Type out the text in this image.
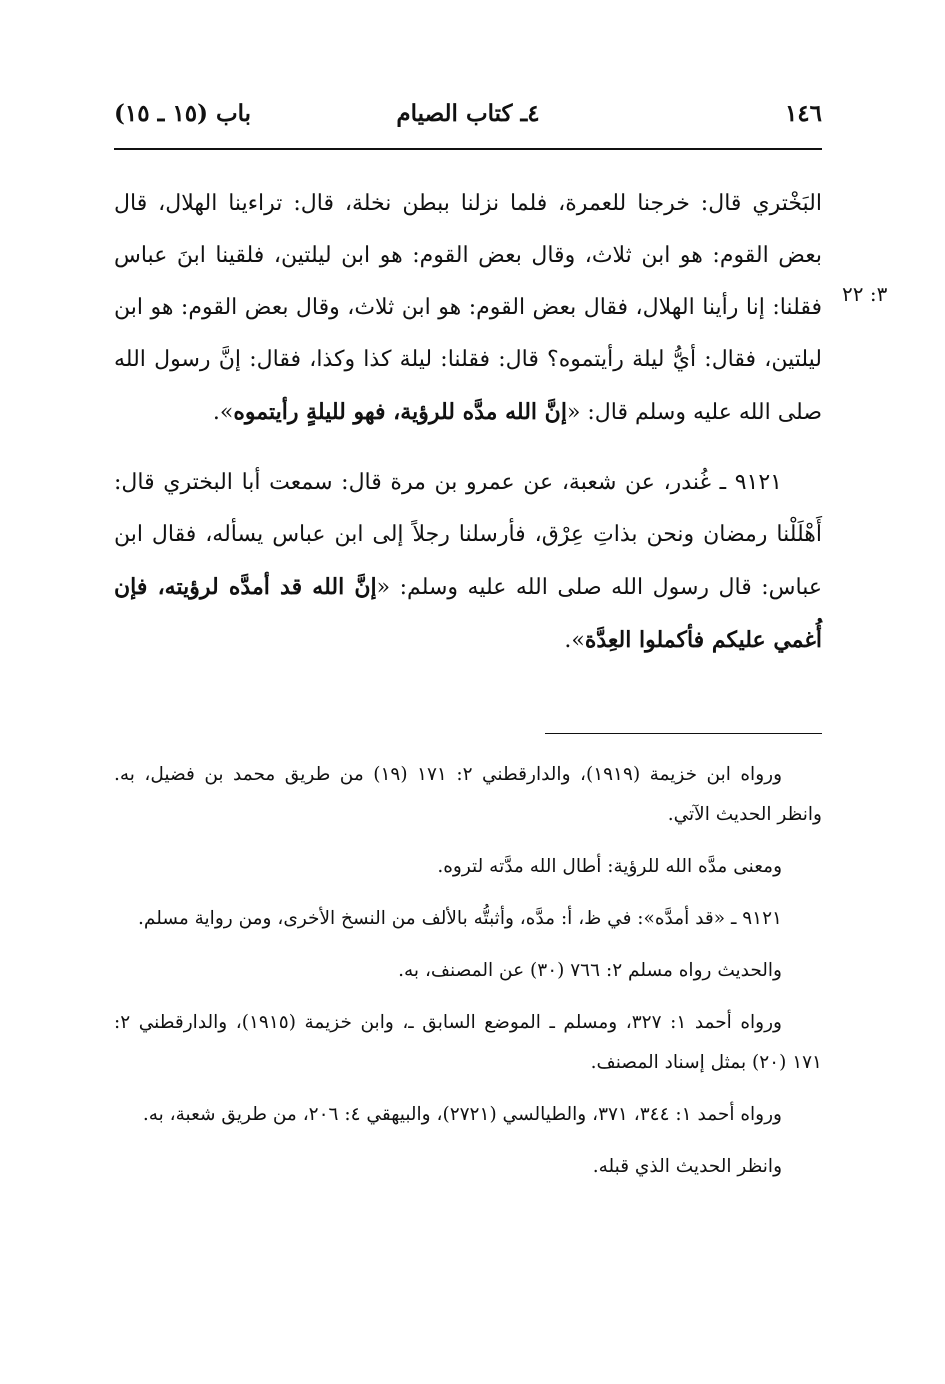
١٤٦
٤ـ كتاب الصيام
باب (١٥ ـ ١٥)
٣: ٢٢

البَخْتري قال: خرجنا للعمرة، فلما نزلنا ببطن نخلة، قال: تراءينا الهلال، قال بعض القوم: هو ابن ثلاث، وقال بعض القوم: هو ابن ليلتين، فلقينا ابنَ عباس فقلنا: إنا رأينا الهلال، فقال بعض القوم: هو ابن ثلاث، وقال بعض القوم: هو ابن ليلتين، فقال: أيُّ ليلة رأيتموه؟ قال: فقلنا: ليلة كذا وكذا، فقال: إنَّ رسول الله صلى الله عليه وسلم قال: «إنَّ الله مدَّه للرؤية، فهو لليلةٍ رأيتموه».

٩١٢١ ـ غُندر، عن شعبة، عن عمرو بن مرة قال: سمعت أبا البختري قال: أَهْلَلْنا رمضان ونحن بذاتِ عِرْق، فأرسلنا رجلاً إلى ابن عباس يسأله، فقال ابن عباس: قال رسول الله صلى الله عليه وسلم: «إنَّ الله قد أمدَّه لرؤيته، فإن أُغمي عليكم فأكملوا العِدَّة».

ورواه ابن خزيمة (١٩١٩)، والدارقطني ٢: ١٧١ (١٩) من طريق محمد بن فضيل، به. وانظر الحديث الآتي.

ومعنى مدَّه الله للرؤية: أطال الله مدَّته لتروه.

٩١٢١ ـ «قد أمدَّه»: في ظ، أ: مدَّه، وأثبتُّه بالألف من النسخ الأخرى، ومن رواية مسلم.

والحديث رواه مسلم ٢: ٧٦٦ (٣٠) عن المصنف، به.

ورواه أحمد ١: ٣٢٧، ومسلم ـ الموضع السابق ـ، وابن خزيمة (١٩١٥)، والدارقطني ٢: ١٧١ (٢٠) بمثل إسناد المصنف.

ورواه أحمد ١: ٣٤٤، ٣٧١، والطيالسي (٢٧٢١)، والبيهقي ٤: ٢٠٦، من طريق شعبة، به.

وانظر الحديث الذي قبله.
